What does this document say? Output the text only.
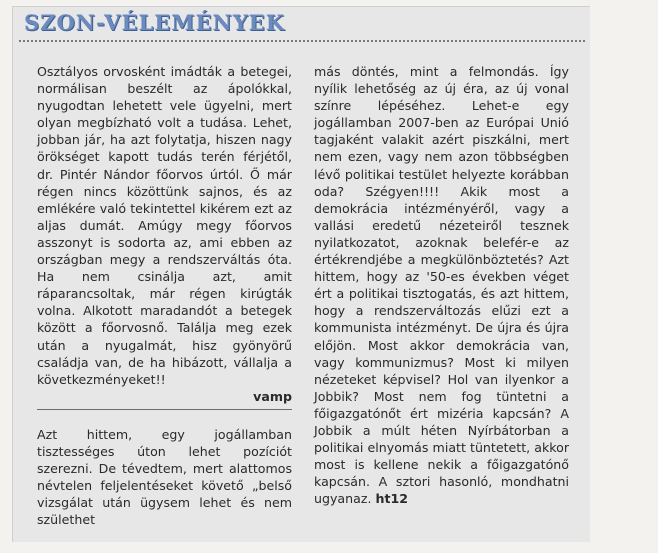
SZON-VÉLEMÉNYEK

Osztályos orvosként imádták a betegei, normálisan beszélt az ápolókkal, nyugodtan lehetett vele ügyelni, mert olyan megbízható volt a tudása. Lehet, jobban jár, ha azt folytatja, hiszen nagy örökséget kapott tudás terén férjétől, dr. Pintér Nándor főorvos úrtól. Ő már régen nincs közöttünk sajnos, és az emlékére való tekintettel kikérem ezt az aljas dumát. Amúgy megy főorvos asszonyt is sodorta az, ami ebben az országban megy a rendszerváltás óta. Ha nem csinálja azt, amit ráparancsoltak, már régen kirúgták volna. Alkotott maradandót a betegek között a főorvosnő. Találja meg ezek után a nyugalmát, hisz gyönyörű családja van, de ha hibázott, vállalja a következményeket!!

vamp

Azt hittem, egy jogállamban tisztességes úton lehet pozíciót szerezni. De tévedtem, mert alattomos névtelen feljelentéseket követő „belső vizsgálat után ügysem lehet és nem születhet

más döntés, mint a felmondás. Így nyílik lehetőség az új éra, az új vonal színre lépéséhez. Lehet-e egy jogállamban 2007-ben az Európai Unió tagjaként valakit azért piszkálni, mert nem ezen, vagy nem azon többségben lévő politikai testület helyezte korábban oda? Szégyen!!!! Akik most a demokrácia intézményéről, vagy a vallási eredetű nézeteiről tesznek nyilatkozatot, azoknak belefér-e az értékrendjébe a megkülönböztetés? Azt hittem, hogy az '50-es években véget ért a politikai tisztogatás, és azt hittem, hogy a rendszerváltozás elűzi ezt a kommunista intézményt. De újra és újra előjön. Most akkor demokrácia van, vagy kommunizmus? Most ki milyen nézeteket képvisel? Hol van ilyenkor a Jobbik? Most nem fog tüntetni a főigazgatónőt ért mizéria kapcsán? A Jobbik a múlt héten Nyírbátorban a politikai elnyomás miatt tüntetett, akkor most is kellene nekik a főigazgatónő kapcsán. A sztori hasonló, mondhatni ugyanaz. ht12
